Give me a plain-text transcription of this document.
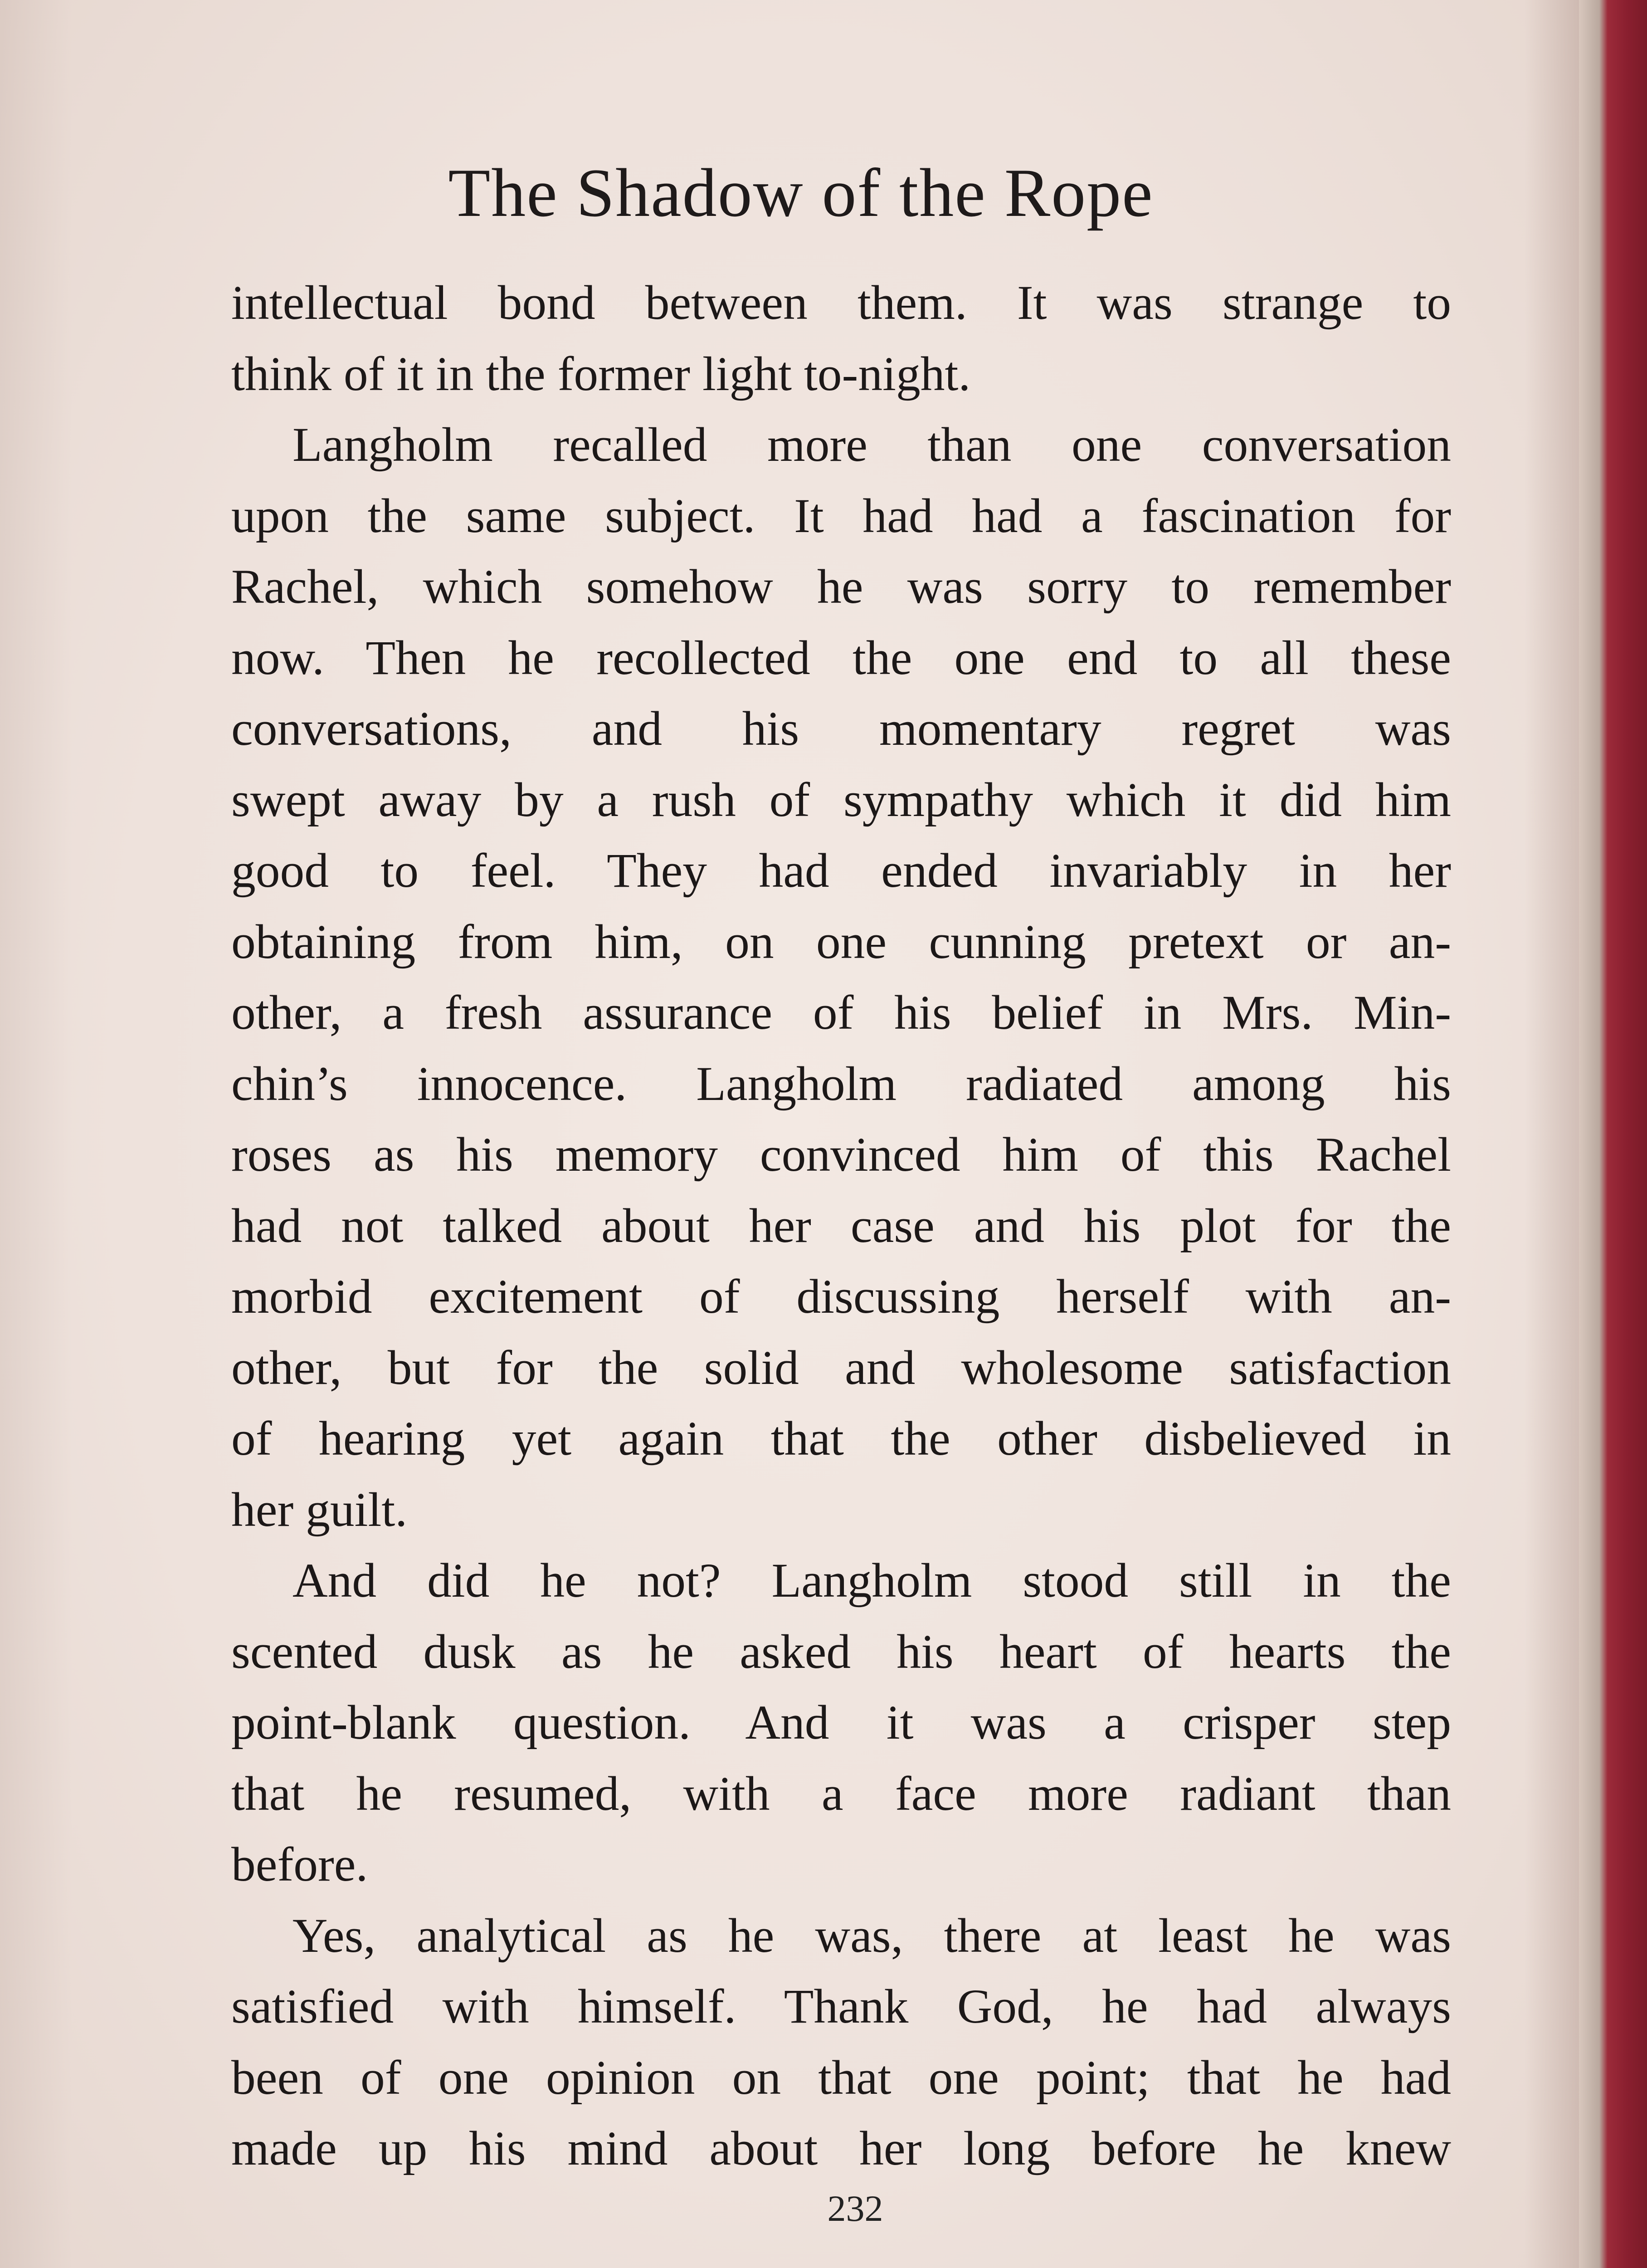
The Shadow of the Rope
intellectual bond between them. It was strange to
think of it in the former light to-night.
Langholm recalled more than one conversation
upon the same subject. It had had a fascination for
Rachel, which somehow he was sorry to remember
now. Then he recollected the one end to all these
conversations, and his momentary regret was
swept away by a rush of sympathy which it did him
good to feel. They had ended invariably in her
obtaining from him, on one cunning pretext or an-
other, a fresh assurance of his belief in Mrs. Min-
chin’s innocence. Langholm radiated among his
roses as his memory convinced him of this Rachel
had not talked about her case and his plot for the
morbid excitement of discussing herself with an-
other, but for the solid and wholesome satisfaction
of hearing yet again that the other disbelieved in
her guilt.
And did he not? Langholm stood still in the
scented dusk as he asked his heart of hearts the
point-blank question. And it was a crisper step
that he resumed, with a face more radiant than
before.
Yes, analytical as he was, there at least he was
satisfied with himself. Thank God, he had always
been of one opinion on that one point; that he had
made up his mind about her long before he knew
232
